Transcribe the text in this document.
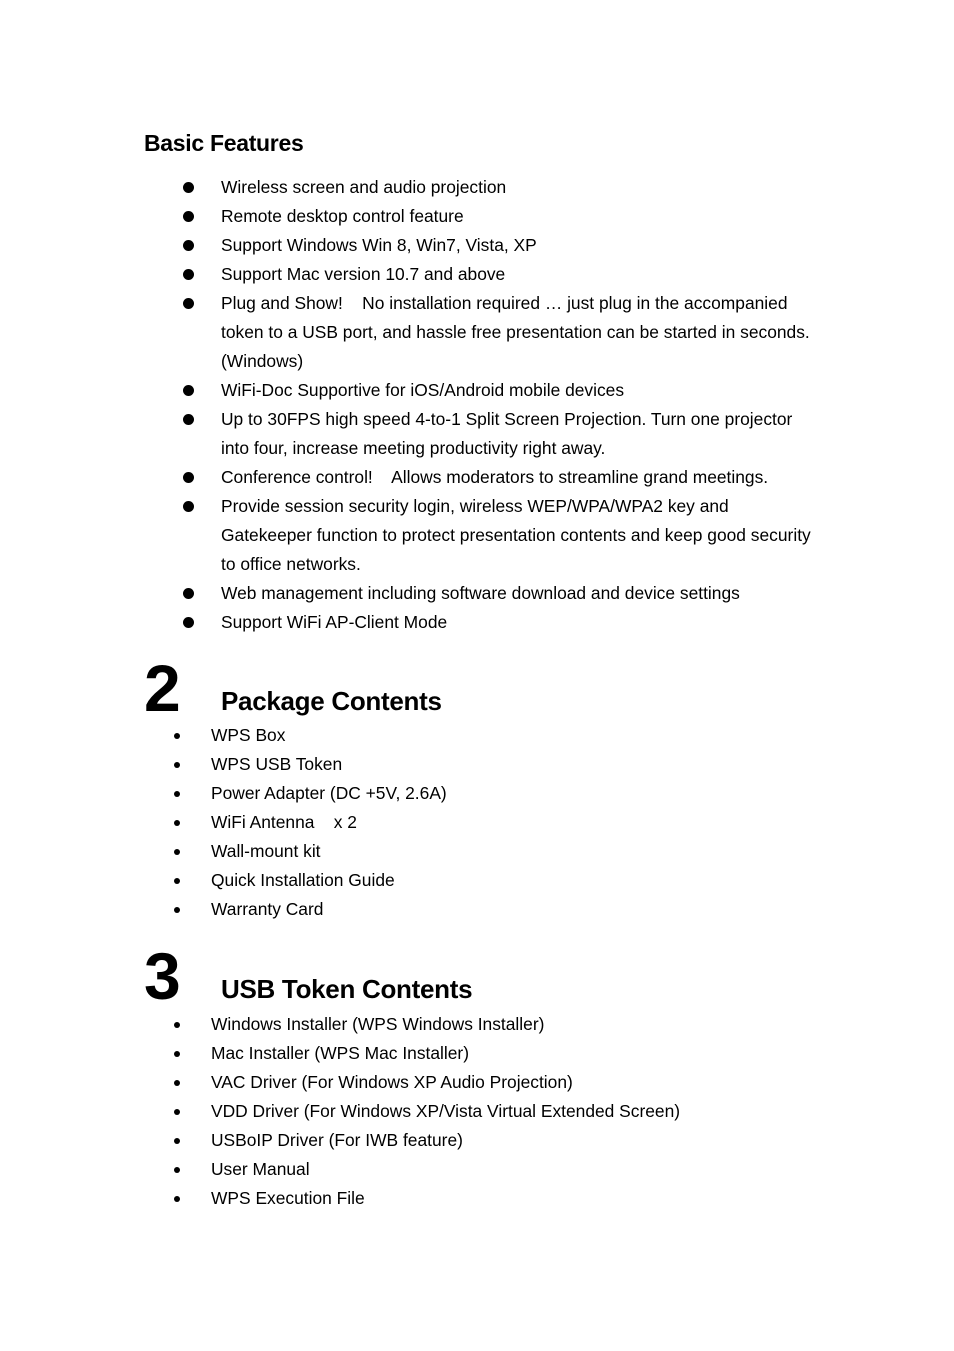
Basic Features
Wireless screen and audio projection
Remote desktop control feature
Support Windows Win 8, Win7, Vista, XP
Support Mac version 10.7 and above
Plug and Show!    No installation required … just plug in the accompanied token to a USB port, and hassle free presentation can be started in seconds. (Windows)
WiFi-Doc Supportive for iOS/Android mobile devices
Up to 30FPS high speed 4-to-1 Split Screen Projection. Turn one projector into four, increase meeting productivity right away.
Conference control!    Allows moderators to streamline grand meetings.
Provide session security login, wireless WEP/WPA/WPA2 key and Gatekeeper function to protect presentation contents and keep good security to office networks.
Web management including software download and device settings
Support WiFi AP-Client Mode
2 Package Contents
WPS Box
WPS USB Token
Power Adapter (DC +5V, 2.6A)
WiFi Antenna    x 2
Wall-mount kit
Quick Installation Guide
Warranty Card
3 USB Token Contents
Windows Installer (WPS Windows Installer)
Mac Installer (WPS Mac Installer)
VAC Driver (For Windows XP Audio Projection)
VDD Driver (For Windows XP/Vista Virtual Extended Screen)
USBoIP Driver (For IWB feature)
User Manual
WPS Execution File
